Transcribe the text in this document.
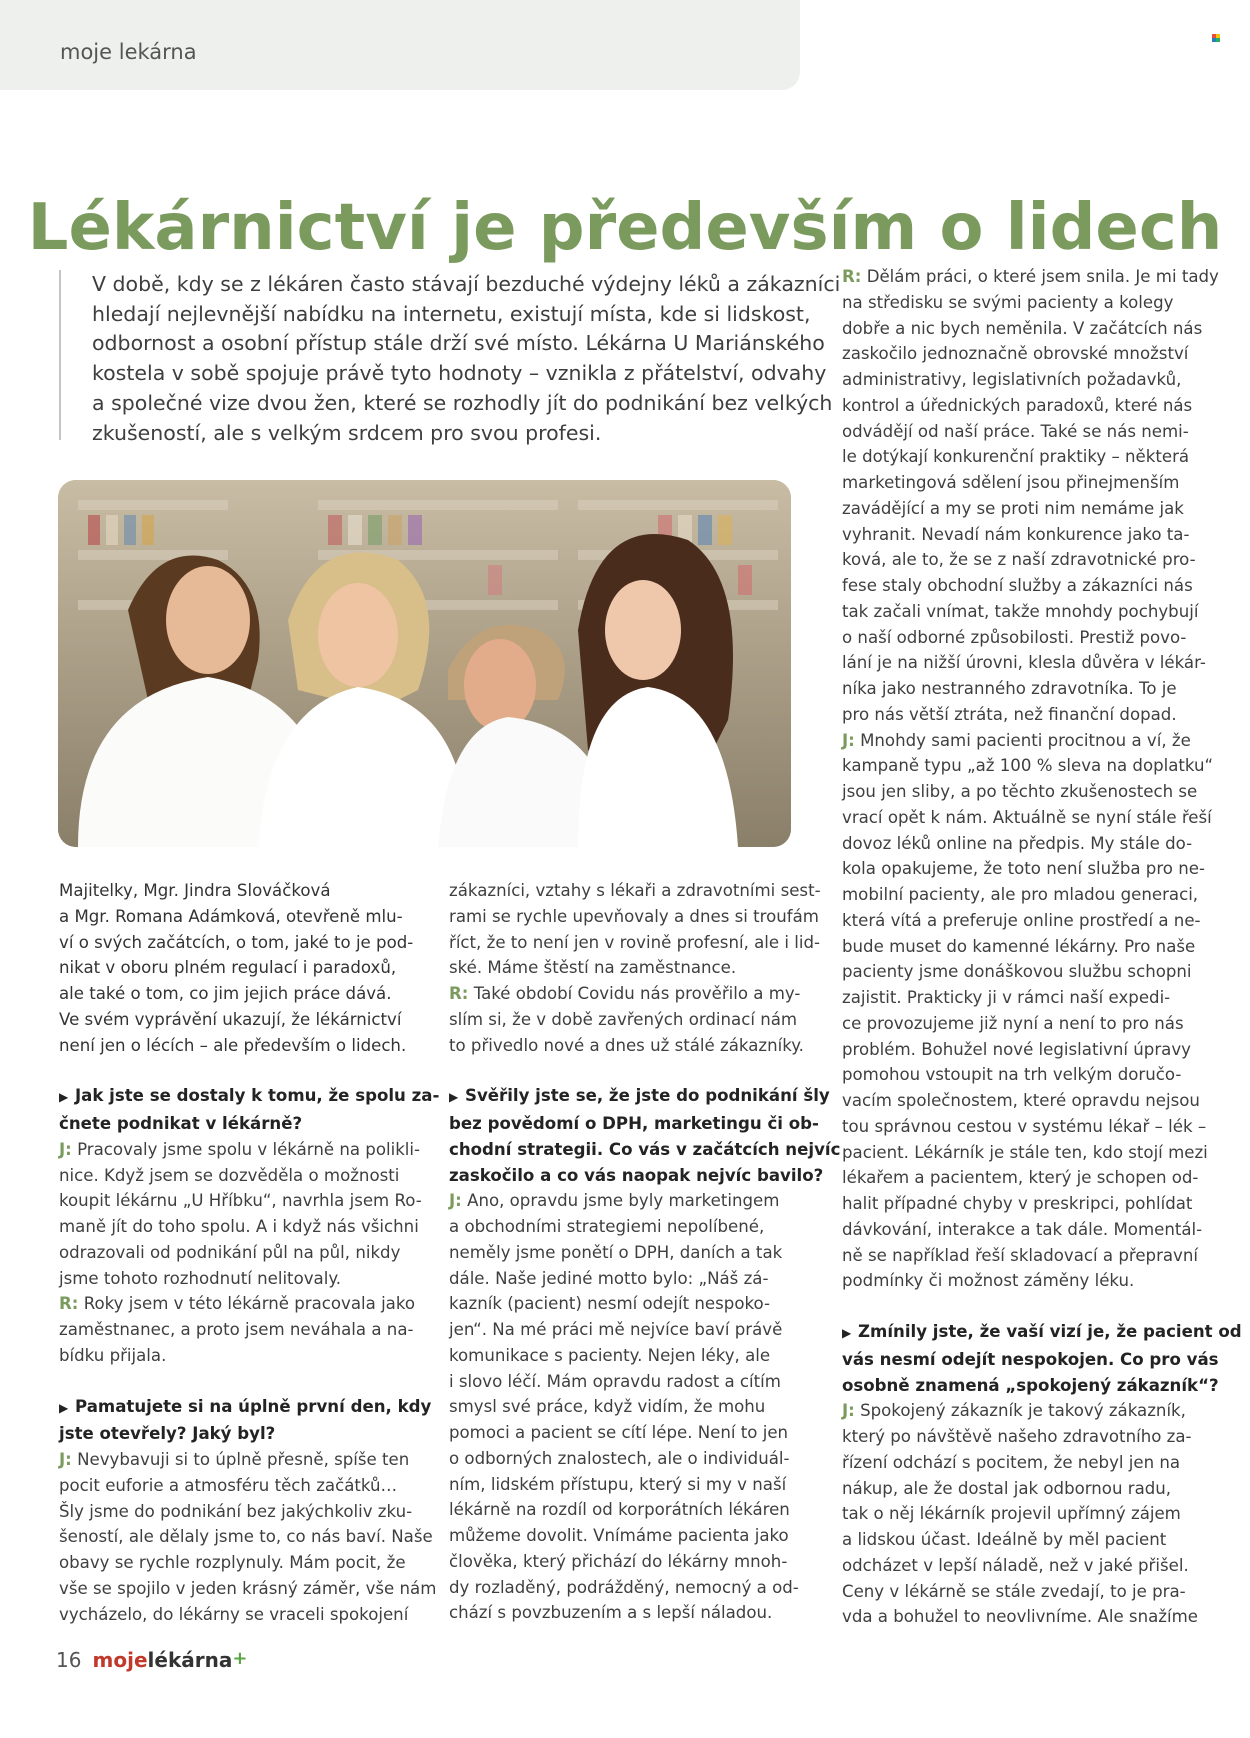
moje lekárna
Lékárnictví je především o lidech
V době, kdy se z lékáren často stávají bezduché výdejny léků a zákazníci
hledají nejlevnější nabídku na internetu, existují místa, kde si lidskost,
odbornost a osobní přístup stále drží své místo. Lékárna U Mariánského
kostela v sobě spojuje právě tyto hodnoty – vznikla z přátelství, odvahy
a společné vize dvou žen, které se rozhodly jít do podnikání bez velkých
zkušeností, ale s velkým srdcem pro svou profesi.
Majitelky, Mgr. Jindra Slováčková
a Mgr. Romana Adámková, otevřeně mlu-
ví o svých začátcích, o tom, jaké to je pod-
nikat v oboru plném regulací i paradoxů,
ale také o tom, co jim jejich práce dává.
Ve svém vyprávění ukazují, že lékárnictví
není jen o lécích – ale především o lidech.
▶ Jak jste se dostaly k tomu, že spolu za-
čnete podnikat v lékárně?
J: Pracovaly jsme spolu v lékárně na polikli-
nice. Když jsem se dozvěděla o možnosti
koupit lékárnu „U Hříbku“, navrhla jsem Ro-
maně jít do toho spolu. A i když nás všichni
odrazovali od podnikání půl na půl, nikdy
jsme tohoto rozhodnutí nelitovaly.
R: Roky jsem v této lékárně pracovala jako
zaměstnanec, a proto jsem neváhala a na-
bídku přijala.
▶ Pamatujete si na úplně první den, kdy
jste otevřely? Jaký byl?
J: Nevybavuji si to úplně přesně, spíše ten
pocit euforie a atmosféru těch začátků…
Šly jsme do podnikání bez jakýchkoliv zku-
šeností, ale dělaly jsme to, co nás baví. Naše
obavy se rychle rozplynuly. Mám pocit, že
vše se spojilo v jeden krásný záměr, vše nám
vycházelo, do lékárny se vraceli spokojení
zákazníci, vztahy s lékaři a zdravotními sest-
rami se rychle upevňovaly a dnes si troufám
říct, že to není jen v rovině profesní, ale i lid-
ské. Máme štěstí na zaměstnance.
R: Také období Covidu nás prověřilo a my-
slím si, že v době zavřených ordinací nám
to přivedlo nové a dnes už stálé zákazníky.
▶ Svěřily jste se, že jste do podnikání šly
bez povědomí o DPH, marketingu či ob-
chodní strategii. Co vás v začátcích nejvíc
zaskočilo a co vás naopak nejvíc bavilo?
J: Ano, opravdu jsme byly marketingem
a obchodními strategiemi nepolíbené,
neměly jsme ponětí o DPH, daních a tak
dále. Naše jediné motto bylo: „Náš zá-
kazník (pacient) nesmí odejít nespoko-
jen“. Na mé práci mě nejvíce baví právě
komunikace s pacienty. Nejen léky, ale
i slovo léčí. Mám opravdu radost a cítím
smysl své práce, když vidím, že mohu
pomoci a pacient se cítí lépe. Není to jen
o odborných znalostech, ale o individuál-
ním, lidském přístupu, který si my v naší
lékárně na rozdíl od korporátních lékáren
můžeme dovolit. Vnímáme pacienta jako
člověka, který přichází do lékárny mnoh-
dy rozladěný, podrážděný, nemocný a od-
chází s povzbuzením a s lepší náladou.
R: Dělám práci, o které jsem snila. Je mi tady
na středisku se svými pacienty a kolegy
dobře a nic bych neměnila. V začátcích nás
zaskočilo jednoznačně obrovské množství
administrativy, legislativních požadavků,
kontrol a úřednických paradoxů, které nás
odvádějí od naší práce. Také se nás nemi-
le dotýkají konkurenční praktiky – některá
marketingová sdělení jsou přinejmenším
zavádějící a my se proti nim nemáme jak
vyhranit. Nevadí nám konkurence jako ta-
ková, ale to, že se z naší zdravotnické pro-
fese staly obchodní služby a zákazníci nás
tak začali vnímat, takže mnohdy pochybují
o naší odborné způsobilosti. Prestiž povo-
lání je na nižší úrovni, klesla důvěra v lékár-
níka jako nestranného zdravotníka. To je
pro nás větší ztráta, než finanční dopad.
J: Mnohdy sami pacienti procitnou a ví, že
kampaně typu „až 100 % sleva na doplatku“
jsou jen sliby, a po těchto zkušenostech se
vrací opět k nám. Aktuálně se nyní stále řeší
dovoz léků online na předpis. My stále do-
kola opakujeme, že toto není služba pro ne-
mobilní pacienty, ale pro mladou generaci,
která vítá a preferuje online prostředí a ne-
bude muset do kamenné lékárny. Pro naše
pacienty jsme donáškovou službu schopni
zajistit. Prakticky ji v rámci naší expedi-
ce provozujeme již nyní a není to pro nás
problém. Bohužel nové legislativní úpravy
pomohou vstoupit na trh velkým doručo-
vacím společnostem, které opravdu nejsou
tou správnou cestou v systému lékař – lék –
pacient. Lékárník je stále ten, kdo stojí mezi
lékařem a pacientem, který je schopen od-
halit případné chyby v preskripci, pohlídat
dávkování, interakce a tak dále. Momentál-
ně se například řeší skladovací a přepravní
podmínky či možnost záměny léku.
▶ Zmínily jste, že vaší vizí je, že pacient od
vás nesmí odejít nespokojen. Co pro vás
osobně znamená „spokojený zákazník“?
J: Spokojený zákazník je takový zákazník,
který po návštěvě našeho zdravotního za-
řízení odchází s pocitem, že nebyl jen na
nákup, ale že dostal jak odbornou radu,
tak o něj lékárník projevil upřímný zájem
a lidskou účast. Ideálně by měl pacient
odcházet v lepší náladě, než v jaké přišel.
Ceny v lékárně se stále zvedají, to je pra-
vda a bohužel to neovlivníme. Ale snažíme
16 mojelékárna+
